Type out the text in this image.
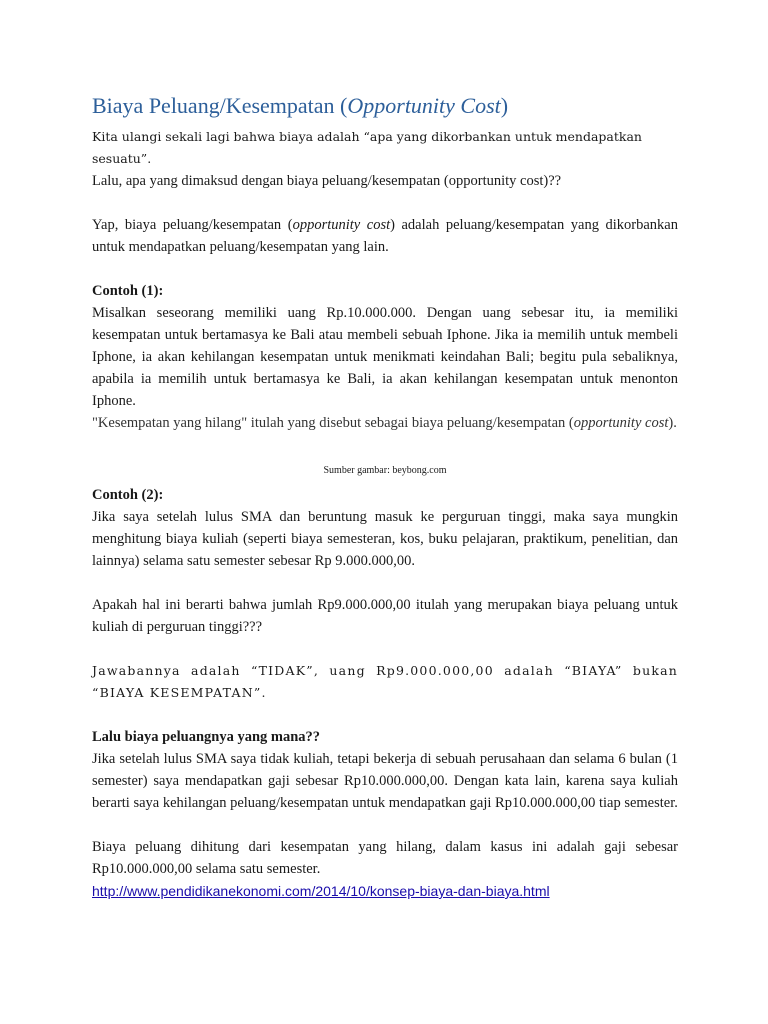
Biaya Peluang/Kesempatan (Opportunity Cost)

Kita ulangi sekali lagi bahwa biaya adalah “apa yang dikorbankan untuk mendapatkan sesuatu”.

Lalu, apa yang dimaksud dengan biaya peluang/kesempatan (opportunity cost)??

Yap, biaya peluang/kesempatan (opportunity cost) adalah peluang/kesempatan yang dikorbankan untuk mendapatkan peluang/kesempatan yang lain.

Contoh (1):

Misalkan seseorang memiliki uang Rp.10.000.000. Dengan uang sebesar itu, ia memiliki kesempatan untuk bertamasya ke Bali atau membeli sebuah Iphone. Jika ia memilih untuk membeli Iphone, ia akan kehilangan kesempatan untuk menikmati keindahan Bali; begitu pula sebaliknya, apabila ia memilih untuk bertamasya ke Bali, ia akan kehilangan kesempatan untuk menonton Iphone.

"Kesempatan yang hilang" itulah yang disebut sebagai biaya peluang/kesempatan (opportunity cost).

Sumber gambar: beybong.com

Contoh (2):

Jika saya setelah lulus SMA dan beruntung masuk ke perguruan tinggi, maka saya mungkin menghitung biaya kuliah (seperti biaya semesteran, kos, buku pelajaran, praktikum, penelitian, dan lainnya) selama satu semester sebesar Rp 9.000.000,00.

Apakah hal ini berarti bahwa jumlah Rp9.000.000,00 itulah yang merupakan biaya peluang untuk kuliah di perguruan tinggi???

Jawabannya adalah “TIDAK”, uang Rp9.000.000,00 adalah “BIAYA” bukan “BIAYA KESEMPATAN”.

Lalu biaya peluangnya yang mana??

Jika setelah lulus SMA saya tidak kuliah, tetapi bekerja di sebuah perusahaan dan selama 6 bulan (1 semester) saya mendapatkan gaji sebesar Rp10.000.000,00. Dengan kata lain, karena saya kuliah berarti saya kehilangan peluang/kesempatan untuk mendapatkan gaji Rp10.000.000,00 tiap semester.

Biaya peluang dihitung dari kesempatan yang hilang, dalam kasus ini adalah gaji sebesar Rp10.000.000,00 selama satu semester.

http://www.pendidikanekonomi.com/2014/10/konsep-biaya-dan-biaya.html
